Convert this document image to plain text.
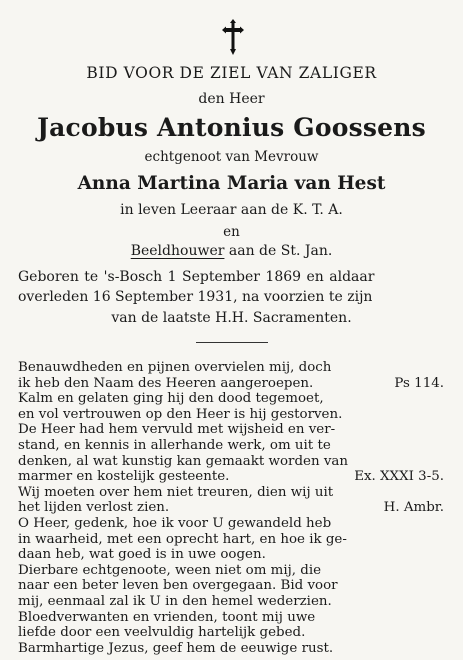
BID VOOR DE ZIEL VAN ZALIGER
den Heer
Jacobus Antonius Goossens
echtgenoot van Mevrouw
Anna Martina Maria van Hest
in leven Leeraar aan de K. T. A.
en
Beeldhouwer aan de St. Jan.
Geboren te 's-Bosch 1 September 1869 en aldaar
overleden 16 September 1931, na voorzien te zijn
van de laatste H.H. Sacramenten.
Benauwdheden en pijnen overvielen mij, doch
ik heb den Naam des Heeren aangeroepen.	Ps 114.
Kalm en gelaten ging hij den dood tegemoet,
en vol vertrouwen op den Heer is hij gestorven.
De Heer had hem vervuld met wijsheid en ver-
stand, en kennis in allerhande werk, om uit te
denken, al wat kunstig kan gemaakt worden van
marmer en kostelijk gesteente.	Ex. XXXI 3-5.
Wij moeten over hem niet treuren, dien wij uit
het lijden verlost zien.	H. Ambr.
O Heer, gedenk, hoe ik voor U gewandeld heb
in waarheid, met een oprecht hart, en hoe ik ge-
daan heb, wat goed is in uwe oogen.
Dierbare echtgenoote, ween niet om mij, die
naar een beter leven ben overgegaan. Bid voor
mij, eenmaal zal ik U in den hemel wederzien.
Bloedverwanten en vrienden, toont mij uwe
liefde door een veelvuldig hartelijk gebed.
Barmhartige Jezus, geef hem de eeuwige rust.
